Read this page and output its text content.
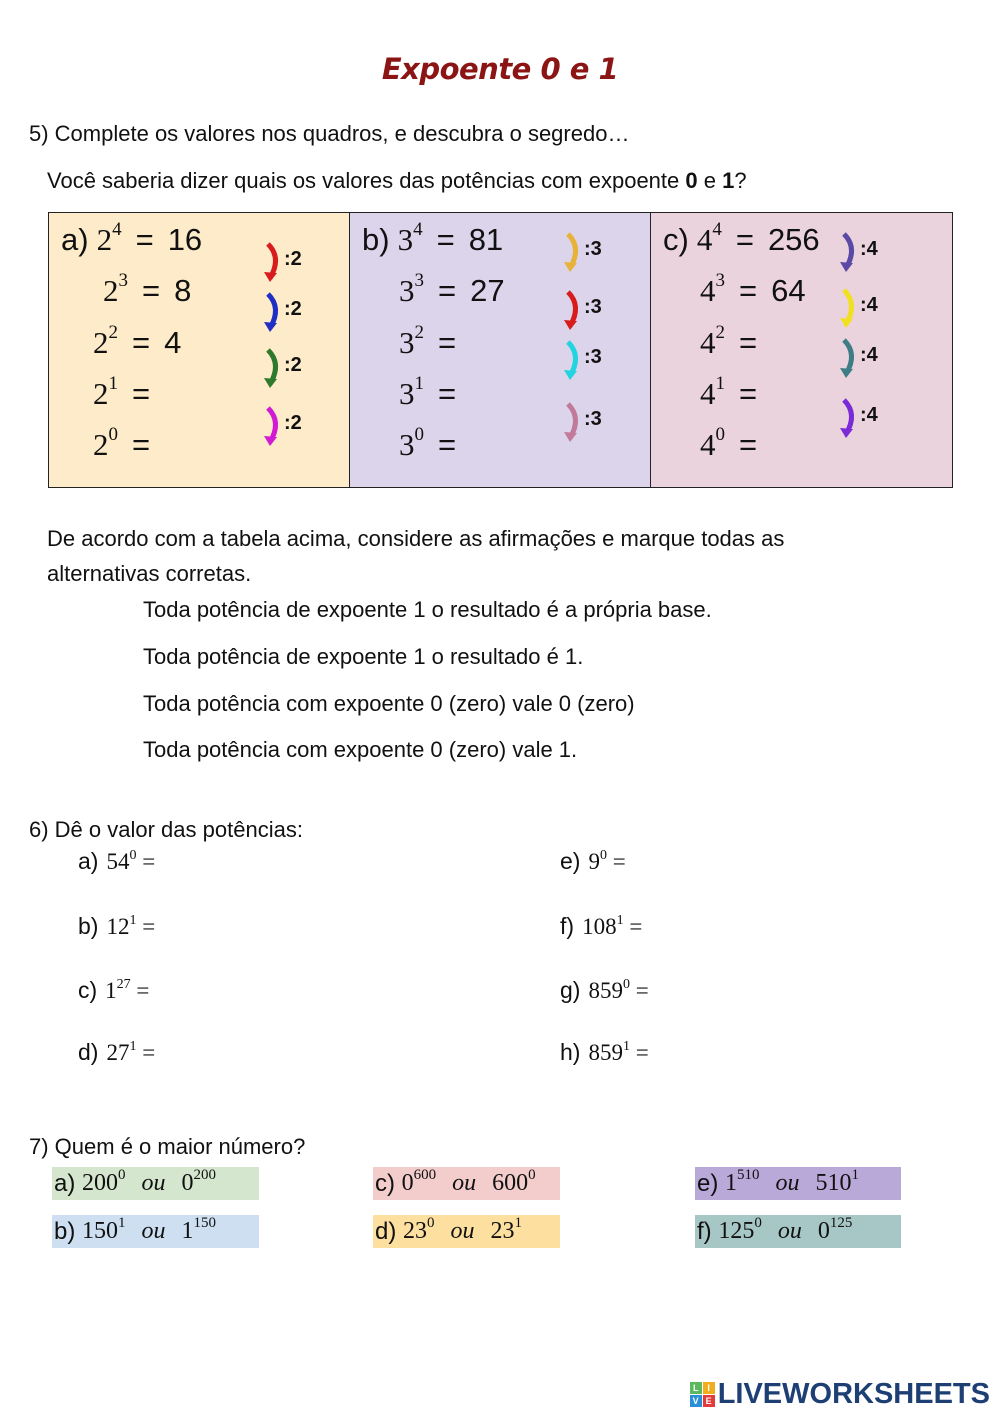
Expoente 0 e 1
5) Complete os valores nos quadros, e descubra o segredo…
Você saberia dizer quais os valores das potências com expoente 0 e 1?
a) $2^4 = 16$
$2^3 = 8$
$2^2 = 4$
$2^1$ =

$2^0$ =

:2
:2
:2
:2
b) $3^4 = 81$
$3^3 = 27$
$3^2$ =

$3^1$ =

$3^0$ =

:3
:3
:3
:3
c) $4^4 = 256$
$4^3 = 64$
$4^2$ =

$4^1$ =

$4^0$ =

:4
:4
:4
:4
De acordo com a tabela acima, considere as afirmações e marque todas as
alternativas corretas.
Toda potência de expoente 1 o resultado é a própria base.
Toda potência de expoente 1 o resultado é 1.
Toda potência com expoente 0 (zero) vale 0 (zero)
Toda potência com expoente 0 (zero) vale 1.
6) Dê o valor das potências:
a) $54^0$ =	e) $9^0$ =
b) $12^1$ =	f) $108^1$ =
c) $1^{27}$ =	g) $859^0$ =
d) $27^1$ =	h) $859^1$ =
7) Quem é o maior número?
a) $200^0$ ou $0^{200}$	c) $0^{600}$ ou $600^0$	e) $1^{510}$ ou $510^1$
b) $150^1$ ou $1^{150}$	d) $23^0$ ou $23^1$	f) $125^0$ ou $0^{125}$
L I
V E LIVEWORKSHEETS
